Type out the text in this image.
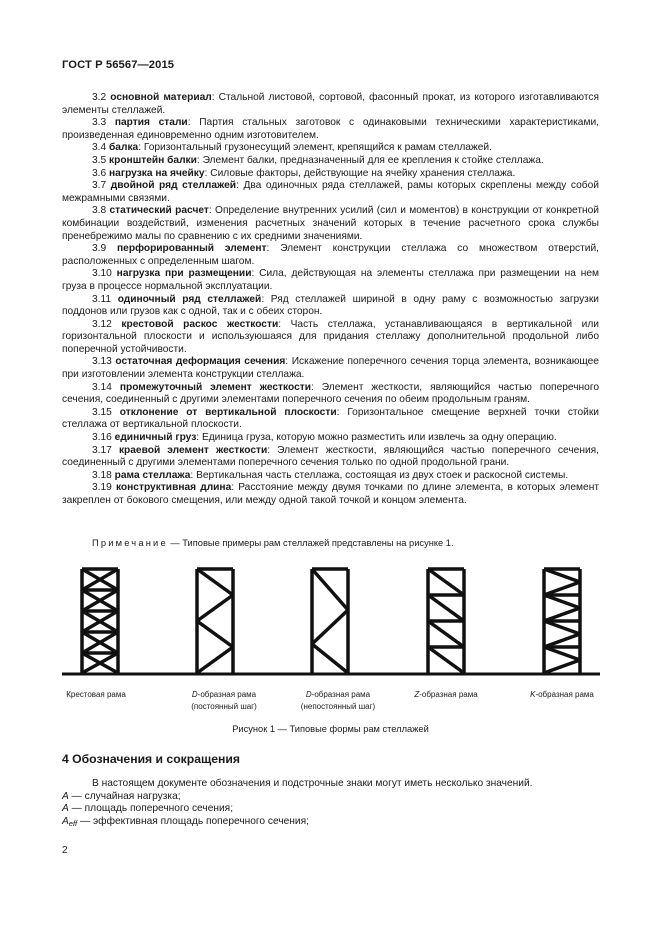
ГОСТ Р 56567—2015

3.2 основной материал: Стальной листовой, сортовой, фасонный прокат, из которого изготавливаются элементы стеллажей.

3.3 партия стали: Партия стальных заготовок с одинаковыми техническими характеристиками, произведенная единовременно одним изготовителем.

3.4 балка: Горизонтальный грузонесущий элемент, крепящийся к рамам стеллажей.

3.5 кронштейн балки: Элемент балки, предназначенный для ее крепления к стойке стеллажа.

3.6 нагрузка на ячейку: Силовые факторы, действующие на ячейку хранения стеллажа.

3.7 двойной ряд стеллажей: Два одиночных ряда стеллажей, рамы которых скреплены между собой межрамными связями.

3.8 статический расчет: Определение внутренних усилий (сил и моментов) в конструкции от конкретной комбинации воздействий, изменения расчетных значений которых в течение расчетного срока службы пренебрежимо малы по сравнению с их средними значениями.

3.9 перфорированный элемент: Элемент конструкции стеллажа со множеством отверстий, расположенных с определенным шагом.

3.10 нагрузка при размещении: Сила, действующая на элементы стеллажа при размещении на нем груза в процессе нормальной эксплуатации.

3.11 одиночный ряд стеллажей: Ряд стеллажей шириной в одну раму с возможностью загрузки поддонов или грузов как с одной, так и с обеих сторон.

3.12 крестовой раскос жесткости: Часть стеллажа, устанавливающаяся в вертикальной или горизонтальной плоскости и используюшаяся для придания стеллажу дополнительной продольной либо поперечной устойчивости.

3.13 остаточная деформация сечения: Искажение поперечного сечения торца элемента, возникающее при изготовлении элемента конструкции стеллажа.

3.14 промежуточный элемент жесткости: Элемент жесткости, являющийся частью поперечного сечения, соединенный с другими элементами поперечного сечения по обеим продольным граням.

3.15 отклонение от вертикальной плоскости: Горизонтальное смещение верхней точки стойки стеллажа от вертикальной плоскости.

3.16 единичный груз: Единица груза, которую можно разместить или извлечь за одну операцию.

3.17 краевой элемент жесткости: Элемент жесткости, являющийся частью поперечного сечения, соединенный с другими элементами поперечного сечения только по одной продольной грани.

3.18 рама стеллажа: Вертикальная часть стеллажа, состоящая из двух стоек и раскосной системы.

3.19 конструктивная длина: Расстояние между двумя точками по длине элемента, в которых элемент закреплен от бокового смещения, или между одной такой точкой и концом элемента.

Примечание — Типовые примеры рам стеллажей представлены на рисунке 1.
Крестовая рама	D-образная рама
(постоянный шаг)
D-образная рама
(непостоянный шаг)
Z-образная рама	K-образная рама
Рисунок 1 — Типовые формы рам стеллажей
4 Обозначения и сокращения

В настоящем документе обозначения и подстрочные знаки могут иметь несколько значений.

A — случайная нагрузка;

A — площадь поперечного сечения;

$A_{eff}$ — эффективная площадь поперечного сечения;

2
